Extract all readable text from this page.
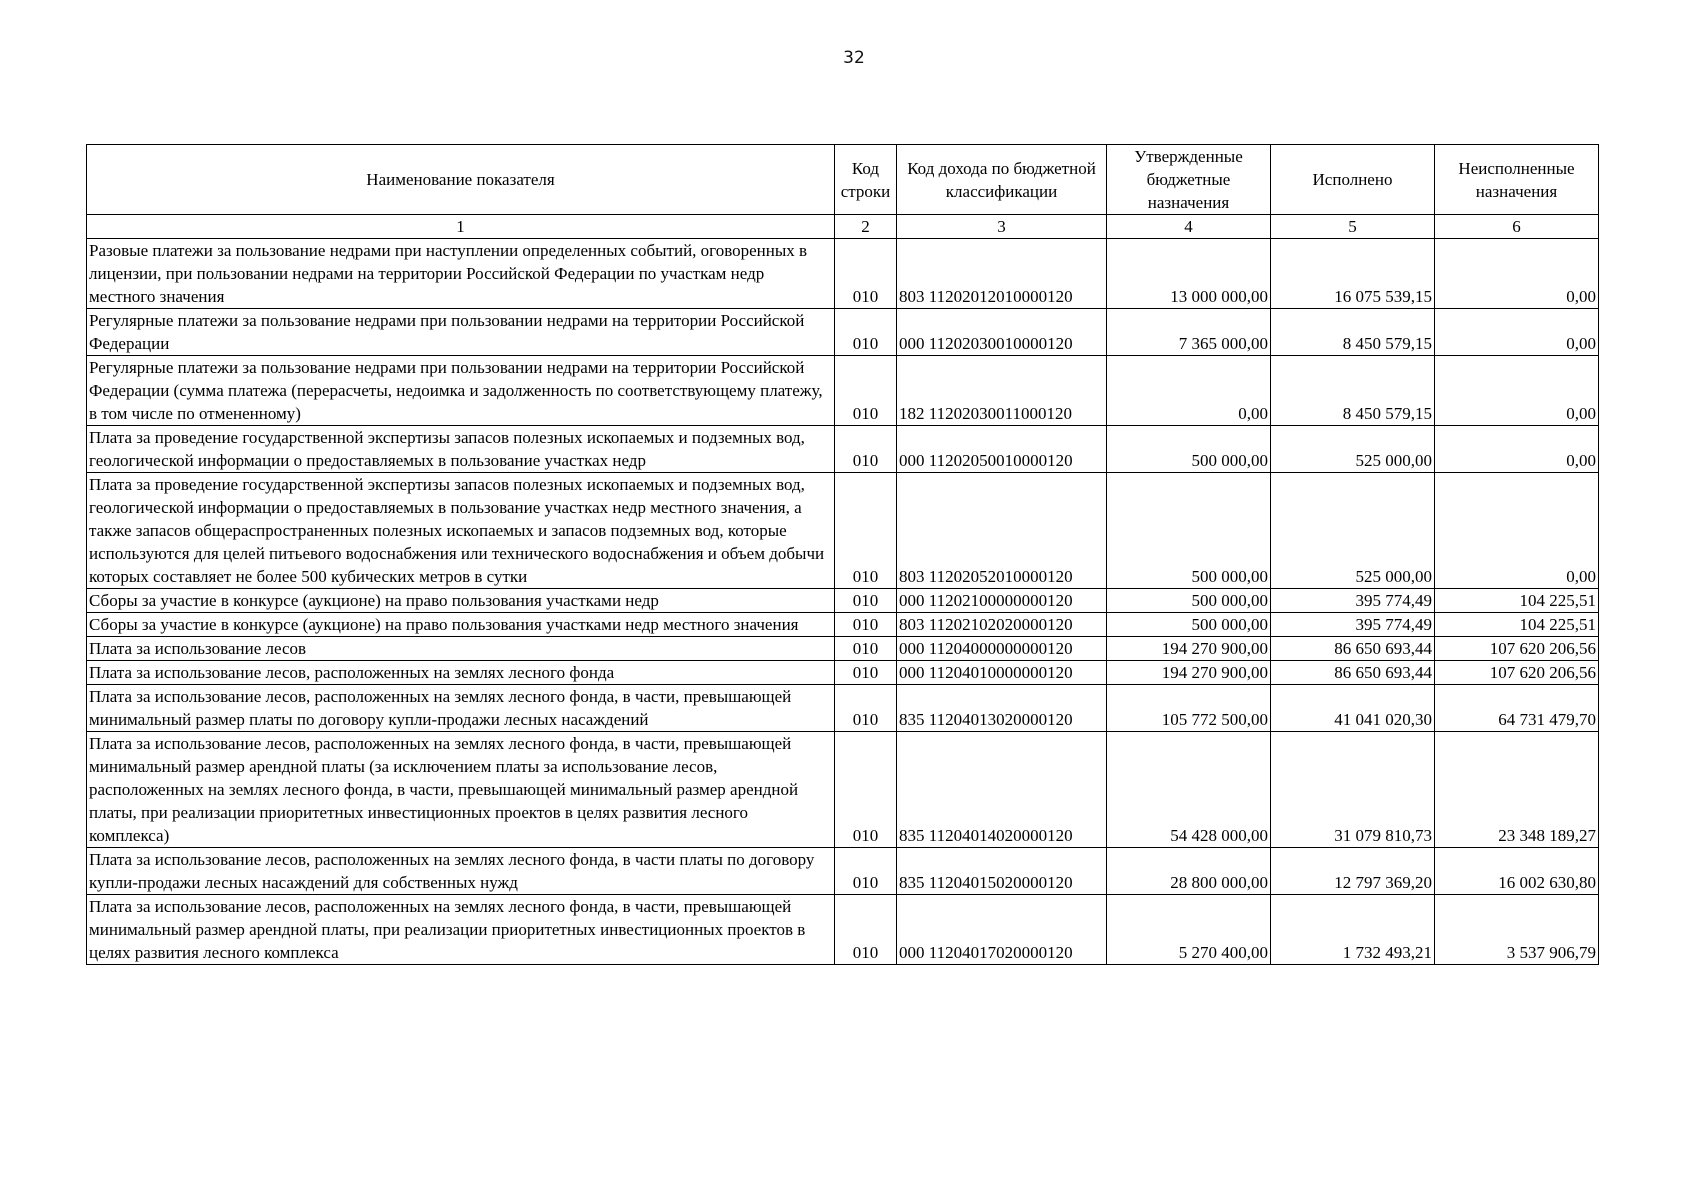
32
Наименование показателя	Код строки	Код дохода по бюджетной классификации	Утвержденные бюджетные назначения	Исполнено	Неисполненные назначения
1	2	3	4	5	6
Разовые платежи за пользование недрами при наступлении определенных событий, оговоренных в лицензии, при пользовании недрами на территории Российской Федерации по участкам недр местного значения	010	803 11202012010000120	13 000 000,00	16 075 539,15	0,00
Регулярные платежи за пользование недрами при пользовании недрами на территории Российской Федерации	010	000 11202030010000120	7 365 000,00	8 450 579,15	0,00
Регулярные платежи за пользование недрами при пользовании недрами на территории Российской Федерации (сумма платежа (перерасчеты, недоимка и задолженность по соответствующему платежу, в том числе по отмененному)	010	182 11202030011000120	0,00	8 450 579,15	0,00
Плата за проведение государственной экспертизы запасов полезных ископаемых и подземных вод, геологической информации о предоставляемых в пользование участках недр	010	000 11202050010000120	500 000,00	525 000,00	0,00
Плата за проведение государственной экспертизы запасов полезных ископаемых и подземных вод, геологической информации о предоставляемых в пользование участках недр местного значения, а также запасов общераспространенных полезных ископаемых и запасов подземных вод, которые используются для целей питьевого водоснабжения или технического водоснабжения и объем добычи которых составляет не более 500 кубических метров в сутки	010	803 11202052010000120	500 000,00	525 000,00	0,00
Сборы за участие в конкурсе (аукционе) на право пользования участками недр	010	000 11202100000000120	500 000,00	395 774,49	104 225,51
Сборы за участие в конкурсе (аукционе) на право пользования участками недр местного значения	010	803 11202102020000120	500 000,00	395 774,49	104 225,51
Плата за использование лесов	010	000 11204000000000120	194 270 900,00	86 650 693,44	107 620 206,56
Плата за использование лесов, расположенных на землях лесного фонда	010	000 11204010000000120	194 270 900,00	86 650 693,44	107 620 206,56
Плата за использование лесов, расположенных на землях лесного фонда, в части, превышающей минимальный размер платы по договору купли-продажи лесных насаждений	010	835 11204013020000120	105 772 500,00	41 041 020,30	64 731 479,70
Плата за использование лесов, расположенных на землях лесного фонда, в части, превышающей минимальный размер арендной платы (за исключением платы за использование лесов, расположенных на землях лесного фонда, в части, превышающей минимальный размер арендной платы, при реализации приоритетных инвестиционных проектов в целях развития лесного комплекса)	010	835 11204014020000120	54 428 000,00	31 079 810,73	23 348 189,27
Плата за использование лесов, расположенных на землях лесного фонда, в части платы по договору купли-продажи лесных насаждений для собственных нужд	010	835 11204015020000120	28 800 000,00	12 797 369,20	16 002 630,80
Плата за использование лесов, расположенных на землях лесного фонда, в части, превышающей минимальный размер арендной платы, при реализации приоритетных инвестиционных проектов в целях развития лесного комплекса	010	000 11204017020000120	5 270 400,00	1 732 493,21	3 537 906,79
